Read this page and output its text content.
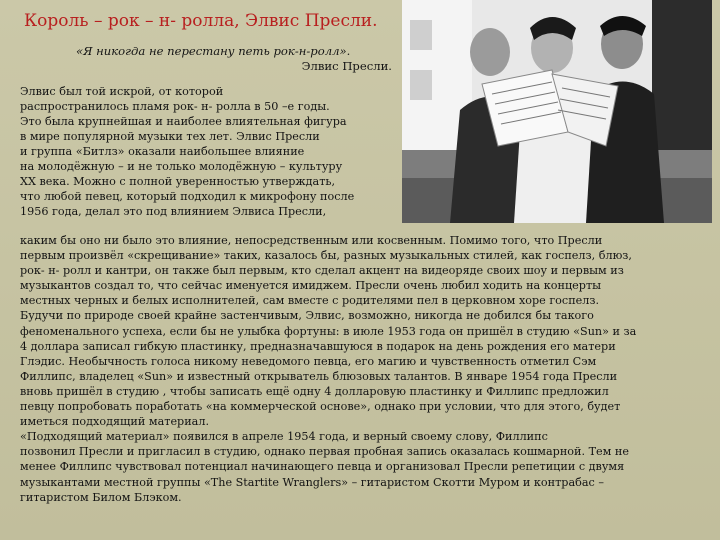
Король – рок – н- ролла, Элвис Пресли.
«Я никогда не перестану петь рок-н-ролл».
Элвис Пресли.
Элвис был той искрой, от которой
распространилось пламя рок- н- ролла в 50 –е годы.
Это была крупнейшая и наиболее влиятельная фигура
в мире популярной музыки тех лет. Элвис Пресли
и группа «Битлз» оказали наибольшее влияние
на молодёжную – и не только молодёжную – культуру
XX века. Можно с полной уверенностью утверждать,
что любой певец, который подходил к микрофону после
1956 года, делал это под влиянием Элвиса Пресли,
каким бы оно ни было это влияние, непосредственным или косвенным. Помимо того, что Пресли
первым произвёл «скрещивание» таких, казалось бы, разных музыкальных стилей, как госпелз, блюз,
рок- н- ролл и кантри, он также был первым, кто сделал акцент на видеоряде своих шоу и первым из
музыкантов создал то, что сейчас именуется имиджем. Пресли очень любил ходить на концерты
местных черных и белых исполнителей, сам вместе с родителями пел в церковном хоре госпелз.
Будучи по природе своей крайне застенчивым, Элвис, возможно, никогда не добился бы такого
феноменального успеха, если бы не улыбка фортуны: в июле 1953 года он пришёл в студию «Sun» и за
4 доллара записал гибкую пластинку, предназначавшуюся в подарок на день рождения его матери
Глэдис. Необычность голоса никому неведомого певца, его магию и чувственность отметил Сэм
Филлипс, владелец «Sun» и известный открыватель блюзовых талантов. В январе 1954 года Пресли
вновь пришёл в студию , чтобы записать ещё одну 4 долларовую пластинку и Филлипс предложил
певцу попробовать поработать «на коммерческой основе», однако при условии, что для этого, будет
иметься подходящий материал.
«Подходящий материал» появился в апреле 1954 года, и верный своему слову, Филлипс
позвонил Пресли и пригласил в студию, однако первая пробная запись оказалась кошмарной. Тем не
менее Филлипс чувствовал потенциал начинающего певца и организовал Пресли репетиции с двумя
музыкантами местной группы «The Startite Wranglers» – гитаристом Скотти Муром и контрабас –
гитаристом Билом Блэком.
